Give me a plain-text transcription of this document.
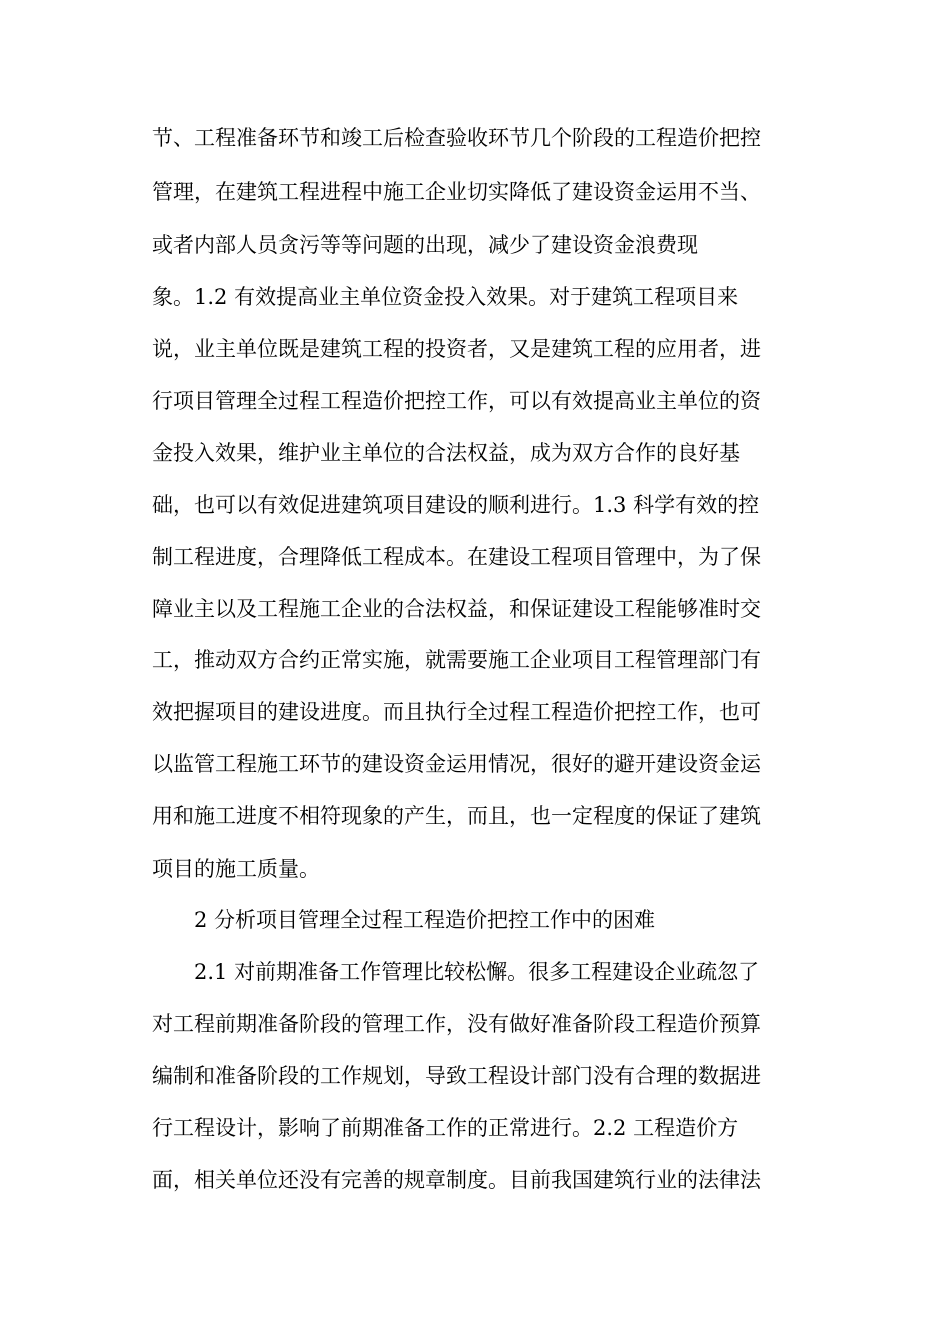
节、工程准备环节和竣工后检查验收环节几个阶段的工程造价把控
管理，在建筑工程进程中施工企业切实降低了建设资金运用不当、
或者内部人员贪污等等问题的出现，减少了建设资金浪费现
象。1.2 有效提高业主单位资金投入效果。对于建筑工程项目来
说，业主单位既是建筑工程的投资者，又是建筑工程的应用者，进
行项目管理全过程工程造价把控工作，可以有效提高业主单位的资
金投入效果，维护业主单位的合法权益，成为双方合作的良好基
础，也可以有效促进建筑项目建设的顺利进行。1.3 科学有效的控
制工程进度，合理降低工程成本。在建设工程项目管理中，为了保
障业主以及工程施工企业的合法权益，和保证建设工程能够准时交
工，推动双方合约正常实施，就需要施工企业项目工程管理部门有
效把握项目的建设进度。而且执行全过程工程造价把控工作，也可
以监管工程施工环节的建设资金运用情况，很好的避开建设资金运
用和施工进度不相符现象的产生，而且，也一定程度的保证了建筑
项目的施工质量。
2 分析项目管理全过程工程造价把控工作中的困难
2.1 对前期准备工作管理比较松懈。很多工程建设企业疏忽了
对工程前期准备阶段的管理工作，没有做好准备阶段工程造价预算
编制和准备阶段的工作规划，导致工程设计部门没有合理的数据进
行工程设计，影响了前期准备工作的正常进行。2.2 工程造价方
面，相关单位还没有完善的规章制度。目前我国建筑行业的法律法
